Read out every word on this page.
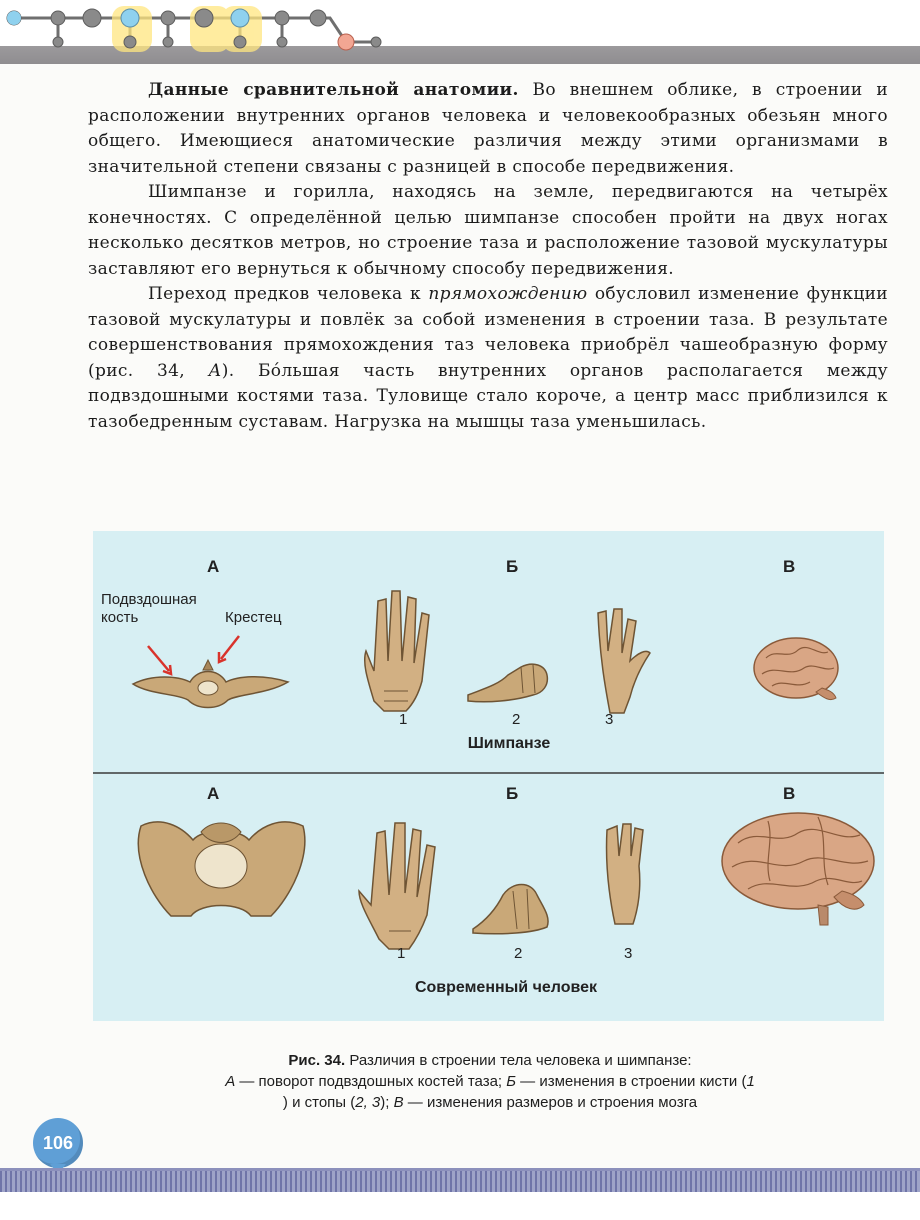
Данные сравнительной анатомии. Во внешнем облике, в строении и расположении внутренних органов человека и человекообразных обезьян много общего. Имеющиеся анатомические различия между этими организмами в значительной степени связаны с разницей в способе передвижения.

Шимпанзе и горилла, находясь на земле, передвигаются на четырёх конечностях. С определённой целью шимпанзе способен пройти на двух ногах несколько десятков метров, но строение таза и расположение тазовой мускулатуры заставляют его вернуться к обычному способу передвижения.

Переход предков человека к прямохождению обусловил изменение функции тазовой мускулатуры и повлёк за собой изменения в строении таза. В результате совершенствования прямохождения таз человека приобрёл чашеобразную форму (рис. 34, А). Бóльшая часть внутренних органов располагается между подвздошными костями таза. Туловище стало короче, а центр масс приблизился к тазобедренным суставам. Нагрузка на мышцы таза уменьшилась.

А	Б	В
Подвздошная кость	Крестец
1	2	3
Шимпанзе
А	Б	В
1	2	3
Современный человек
Рис. 34. Различия в строении тела человека и шимпанзе:
А — поворот подвздошных костей таза; Б — изменения в строении кисти (1
) и стопы (2, 3); В — изменения размеров и строения мозга
106
